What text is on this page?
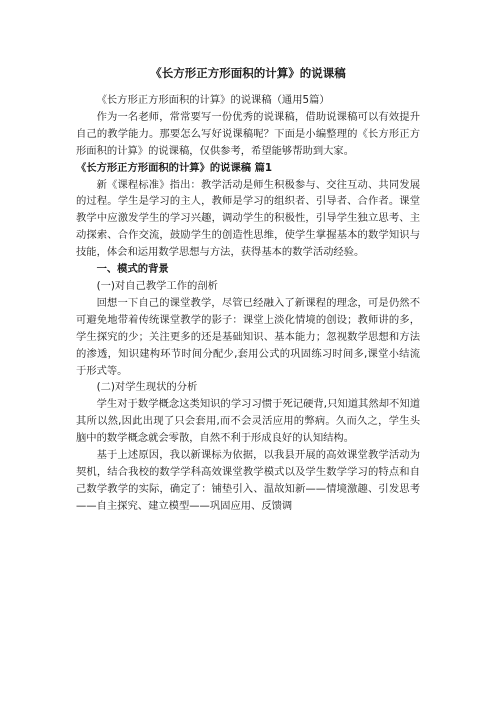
《长方形正方形面积的计算》的说课稿

《长方形正方形面积的计算》的说课稿（通用5篇）

作为一名老师，常常要写一份优秀的说课稿，借助说课稿可以有效提升自己的教学能力。那要怎么写好说课稿呢？下面是小编整理的《长方形正方形面积的计算》的说课稿，仅供参考，希望能够帮助到大家。

《长方形正方形面积的计算》的说课稿 篇1

新《课程标准》指出：教学活动是师生积极参与、交往互动、共同发展的过程。学生是学习的主人，教师是学习的组织者、引导者、合作者。课堂教学中应激发学生的学习兴趣，调动学生的积极性，引导学生独立思考、主动探索、合作交流，鼓励学生的创造性思维，使学生掌握基本的数学知识与技能，体会和运用数学思想与方法，获得基本的数学活动经验。

一、模式的背景

(一)对自己教学工作的剖析

回想一下自己的课堂教学，尽管已经融入了新课程的理念，可是仍然不可避免地带着传统课堂教学的影子：课堂上淡化情境的创设；教师讲的多，学生探究的少；关注更多的还是基础知识、基本能力；忽视数学思想和方法的渗透，知识建构环节时间分配少,套用公式的巩固练习时间多,课堂小结流于形式等。

(二)对学生现状的分析

学生对于数学概念这类知识的学习习惯于死记硬背,只知道其然却不知道其所以然,因此出现了只会套用,而不会灵活应用的弊病。久而久之，学生头脑中的数学概念就会零散，自然不利于形成良好的认知结构。

基于上述原因，我以新课标为依据，以我县开展的高效课堂教学活动为契机，结合我校的数学学科高效课堂教学模式以及学生数学学习的特点和自己数学教学的实际，确定了：铺垫引入、温故知新——情境激趣、引发思考——自主探究、建立模型——巩固应用、反馈调
